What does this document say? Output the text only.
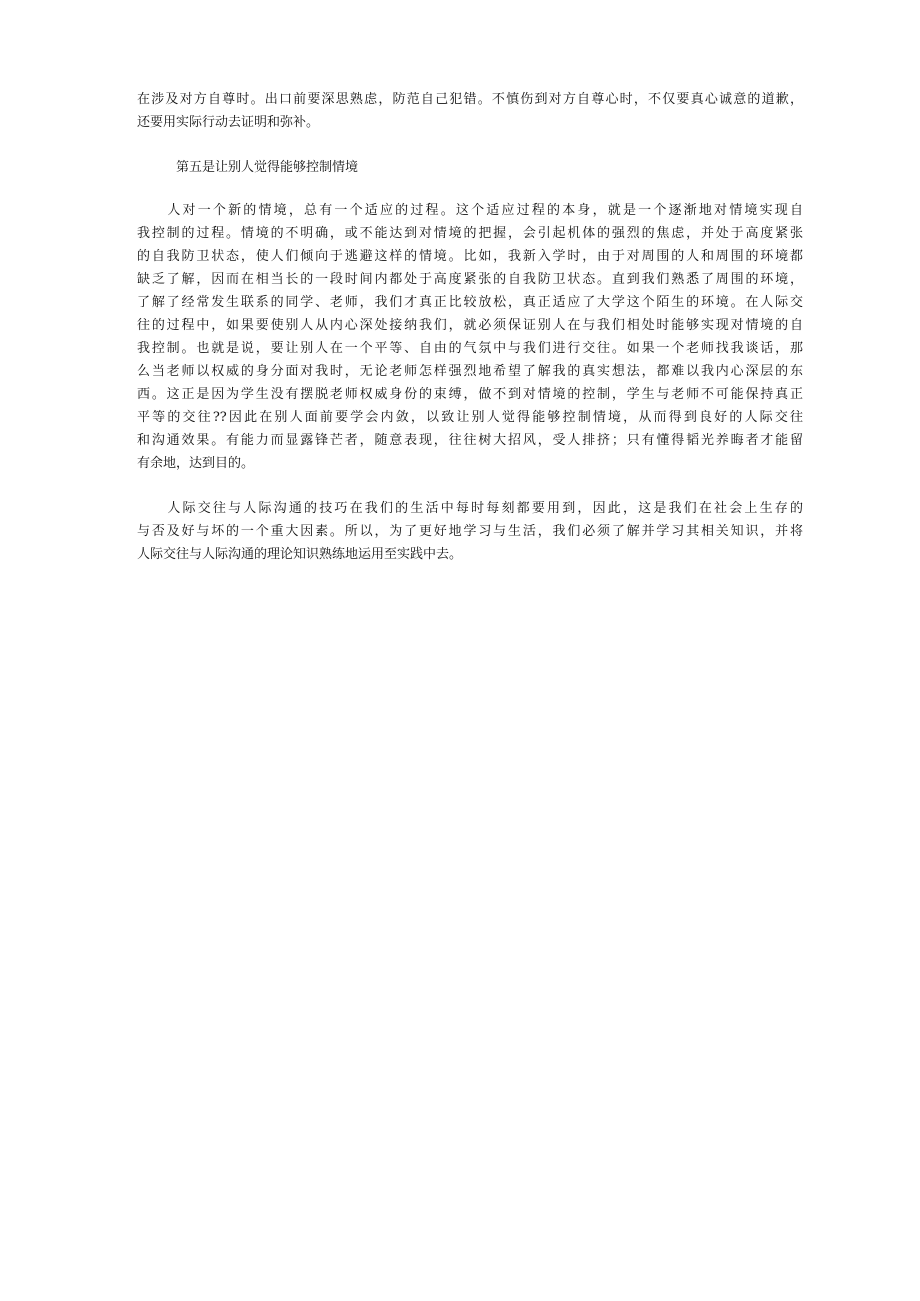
在涉及对方自尊时。出口前要深思熟虑，防范自己犯错。不慎伤到对方自尊心时，不仅要真心诚意的道歉，
还要用实际行动去证明和弥补。
第五是让别人觉得能够控制情境
　　人对一个新的情境，总有一个适应的过程。这个适应过程的本身，就是一个逐渐地对情境实现自
我控制的过程。情境的不明确，或不能达到对情境的把握，会引起机体的强烈的焦虑，并处于高度紧张
的自我防卫状态，使人们倾向于逃避这样的情境。比如，我新入学时，由于对周围的人和周围的环境都
缺乏了解，因而在相当长的一段时间内都处于高度紧张的自我防卫状态。直到我们熟悉了周围的环境，
了解了经常发生联系的同学、老师，我们才真正比较放松，真正适应了大学这个陌生的环境。在人际交
往的过程中，如果要使别人从内心深处接纳我们，就必须保证别人在与我们相处时能够实现对情境的自
我控制。也就是说，要让别人在一个平等、自由的气氛中与我们进行交往。如果一个老师找我谈话，那
么当老师以权威的身分面对我时，无论老师怎样强烈地希望了解我的真实想法，都难以我内心深层的东
西。这正是因为学生没有摆脱老师权威身份的束缚，做不到对情境的控制，学生与老师不可能保持真正
平等的交往??因此在别人面前要学会内敛，以致让别人觉得能够控制情境，从而得到良好的人际交往
和沟通效果。有能力而显露锋芒者，随意表现，往往树大招风，受人排挤；只有懂得韬光养晦者才能留
有余地，达到目的。
　　人际交往与人际沟通的技巧在我们的生活中每时每刻都要用到，因此，这是我们在社会上生存的
与否及好与坏的一个重大因素。所以，为了更好地学习与生活，我们必须了解并学习其相关知识，并将
人际交往与人际沟通的理论知识熟练地运用至实践中去。
